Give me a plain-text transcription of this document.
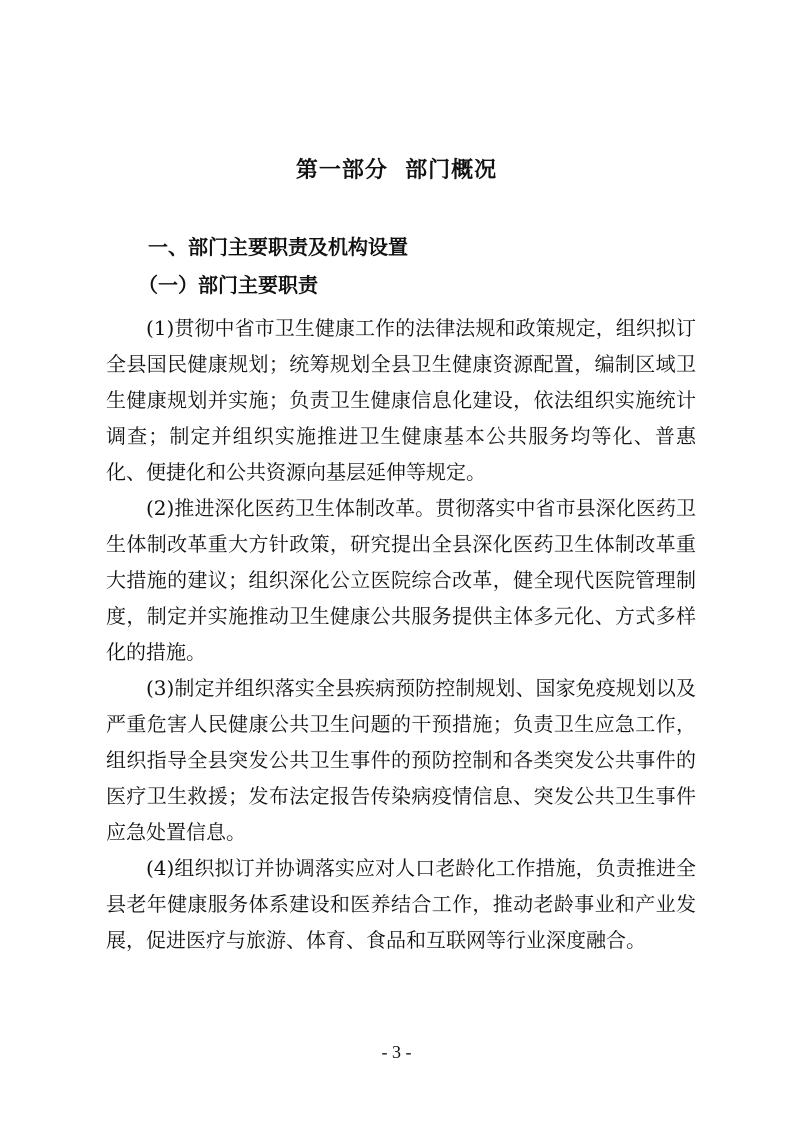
第一部分  部门概况
一、部门主要职责及机构设置
（一）部门主要职责

(1)贯彻中省市卫生健康工作的法律法规和政策规定，组织拟订全县国民健康规划；统筹规划全县卫生健康资源配置，编制区域卫生健康规划并实施；负责卫生健康信息化建设，依法组织实施统计调查；制定并组织实施推进卫生健康基本公共服务均等化、普惠化、便捷化和公共资源向基层延伸等规定。

(2)推进深化医药卫生体制改革。贯彻落实中省市县深化医药卫生体制改革重大方针政策，研究提出全县深化医药卫生体制改革重大措施的建议；组织深化公立医院综合改革，健全现代医院管理制度，制定并实施推动卫生健康公共服务提供主体多元化、方式多样化的措施。

(3)制定并组织落实全县疾病预防控制规划、国家免疫规划以及严重危害人民健康公共卫生问题的干预措施；负责卫生应急工作，组织指导全县突发公共卫生事件的预防控制和各类突发公共事件的医疗卫生救援；发布法定报告传染病疫情信息、突发公共卫生事件应急处置信息。

(4)组织拟订并协调落实应对人口老龄化工作措施，负责推进全县老年健康服务体系建设和医养结合工作，推动老龄事业和产业发展，促进医疗与旅游、体育、食品和互联网等行业深度融合。

- 3 -
